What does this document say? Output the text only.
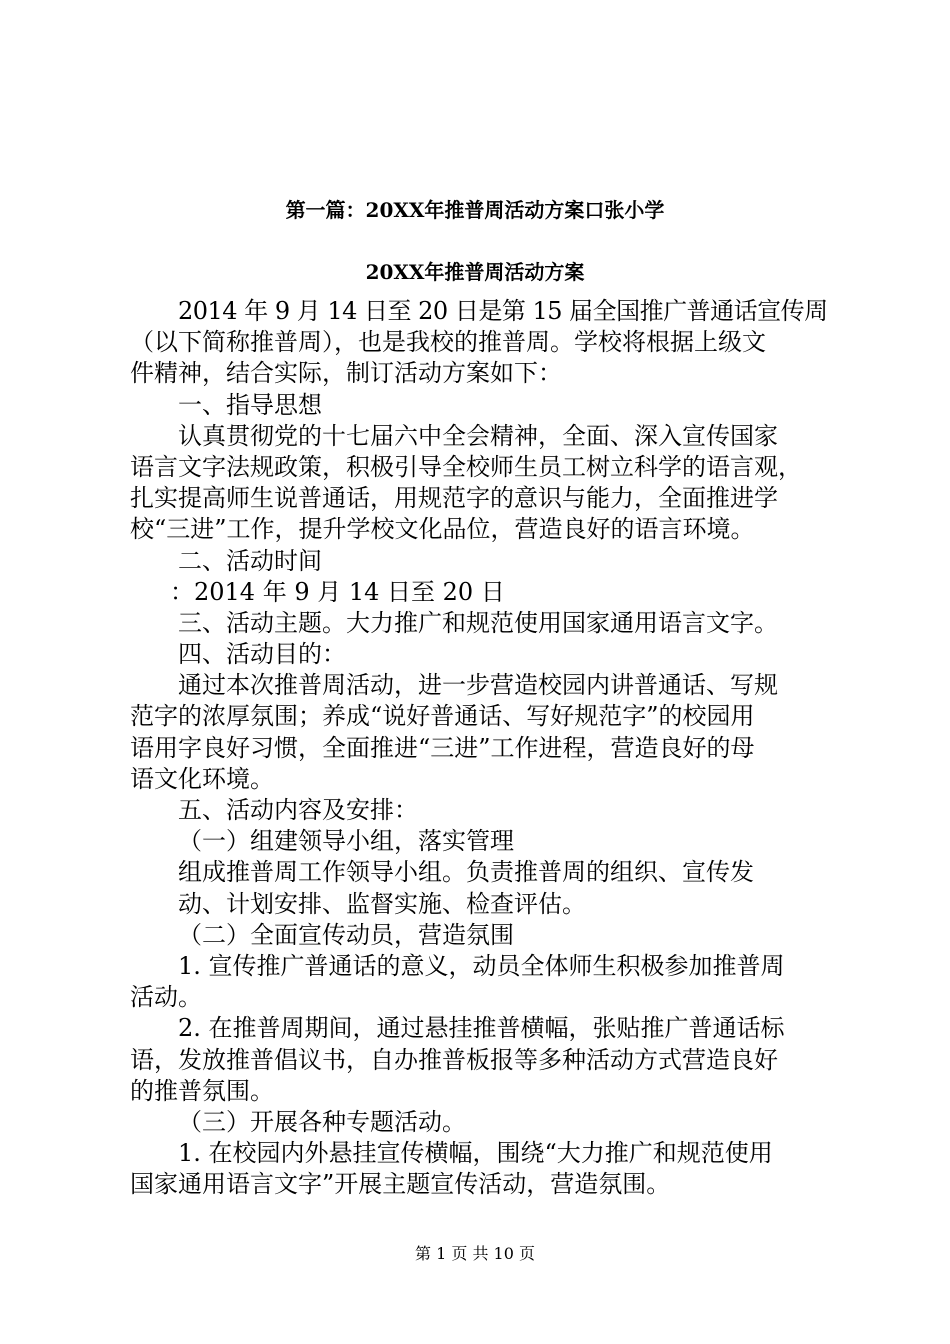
第一篇：20XX年推普周活动方案口张小学
20XX年推普周活动方案
2014 年 9 月 14 日至 20 日是第 15 届全国推广普通话宣传周
（以下简称推普周），也是我校的推普周。学校将根据上级文
件精神，结合实际，制订活动方案如下：
一、指导思想
认真贯彻党的十七届六中全会精神，全面、深入宣传国家
语言文字法规政策，积极引导全校师生员工树立科学的语言观，
扎实提高师生说普通话，用规范字的意识与能力，全面推进学
校“三进”工作，提升学校文化品位，营造良好的语言环境。
二、活动时间
：2014 年 9 月 14 日至 20 日
三、活动主题。大力推广和规范使用国家通用语言文字。
四、活动目的：
通过本次推普周活动，进一步营造校园内讲普通话、写规
范字的浓厚氛围；养成“说好普通话、写好规范字”的校园用
语用字良好习惯，全面推进“三进”工作进程，营造良好的母
语文化环境。
五、活动内容及安排：
（一）组建领导小组，落实管理
组成推普周工作领导小组。负责推普周的组织、宣传发
动、计划安排、监督实施、检查评估。
（二）全面宣传动员，营造氛围
1. 宣传推广普通话的意义，动员全体师生积极参加推普周
活动。
2. 在推普周期间，通过悬挂推普横幅，张贴推广普通话标
语，发放推普倡议书，自办推普板报等多种活动方式营造良好
的推普氛围。
（三）开展各种专题活动。
1. 在校园内外悬挂宣传横幅，围绕“大力推广和规范使用
国家通用语言文字”开展主题宣传活动，营造氛围。
第 1 页 共 10 页
